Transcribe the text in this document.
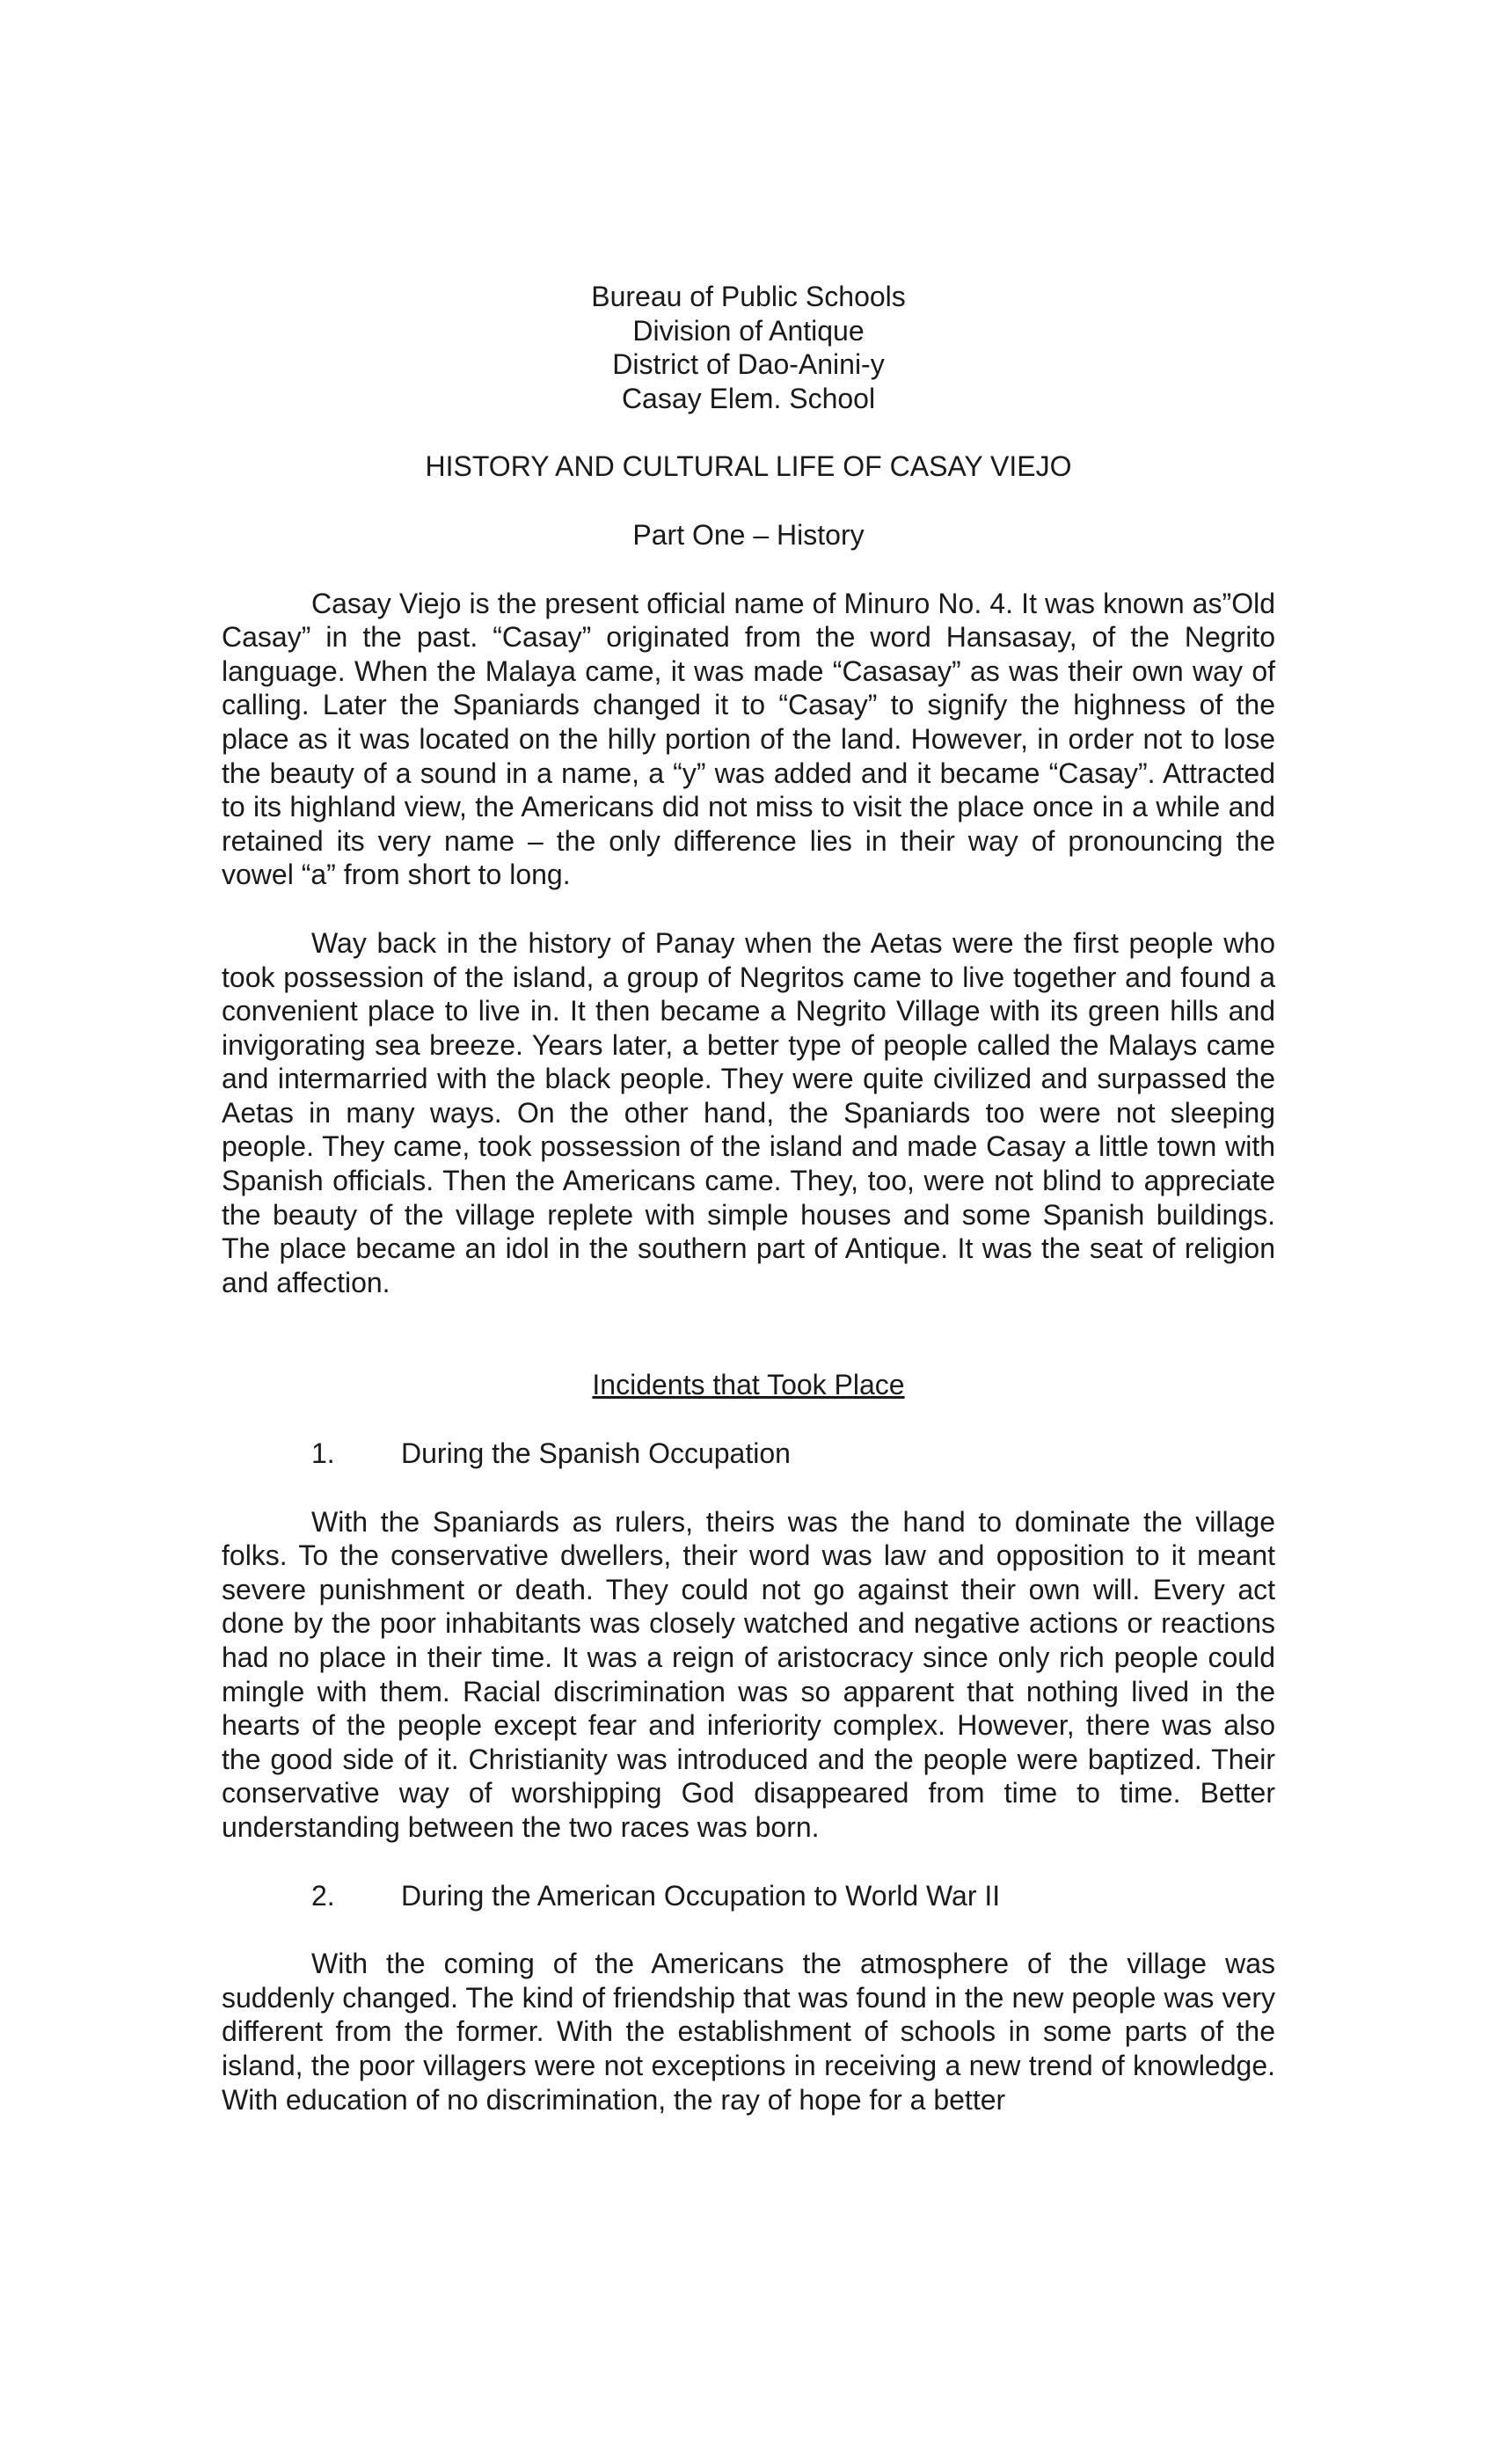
Bureau of Public Schools
Division of Antique
District of Dao-Anini-y
Casay Elem. School
HISTORY AND CULTURAL LIFE OF CASAY VIEJO
Part One – History

Casay Viejo is the present official name of Minuro No. 4. It was known as”Old Casay” in the past. “Casay” originated from the word Hansasay, of the Negrito language. When the Malaya came, it was made “Casasay” as was their own way of calling. Later the Spaniards changed it to “Casay” to signify the highness of the place as it was located on the hilly portion of the land. However, in order not to lose the beauty of a sound in a name, a “y” was added and it became “Casay”. Attracted to its highland view, the Americans did not miss to visit the place once in a while and retained its very name – the only difference lies in their way of pronouncing the vowel “a” from short to long.

Way back in the history of Panay when the Aetas were the first people who took possession of the island, a group of Negritos came to live together and found a convenient place to live in. It then became a Negrito Village with its green hills and invigorating sea breeze. Years later, a better type of people called the Malays came and intermarried with the black people. They were quite civilized and surpassed the Aetas in many ways. On the other hand, the Spaniards too were not sleeping people. They came, took possession of the island and made Casay a little town with Spanish officials. Then the Americans came. They, too, were not blind to appreciate the beauty of the village replete with simple houses and some Spanish buildings. The place became an idol in the southern part of Antique. It was the seat of religion and affection.

Incidents that Took Place
1. During the Spanish Occupation

With the Spaniards as rulers, theirs was the hand to dominate the village folks. To the conservative dwellers, their word was law and opposition to it meant severe punishment or death. They could not go against their own will. Every act done by the poor inhabitants was closely watched and negative actions or reactions had no place in their time. It was a reign of aristocracy since only rich people could mingle with them. Racial discrimination was so apparent that nothing lived in the hearts of the people except fear and inferiority complex. However, there was also the good side of it. Christianity was introduced and the people were baptized. Their conservative way of worshipping God disappeared from time to time. Better understanding between the two races was born.

2. During the American Occupation to World War II

With the coming of the Americans the atmosphere of the village was suddenly changed. The kind of friendship that was found in the new people was very different from the former. With the establishment of schools in some parts of the island, the poor villagers were not exceptions in receiving a new trend of knowledge. With education of no discrimination, the ray of hope for a better
